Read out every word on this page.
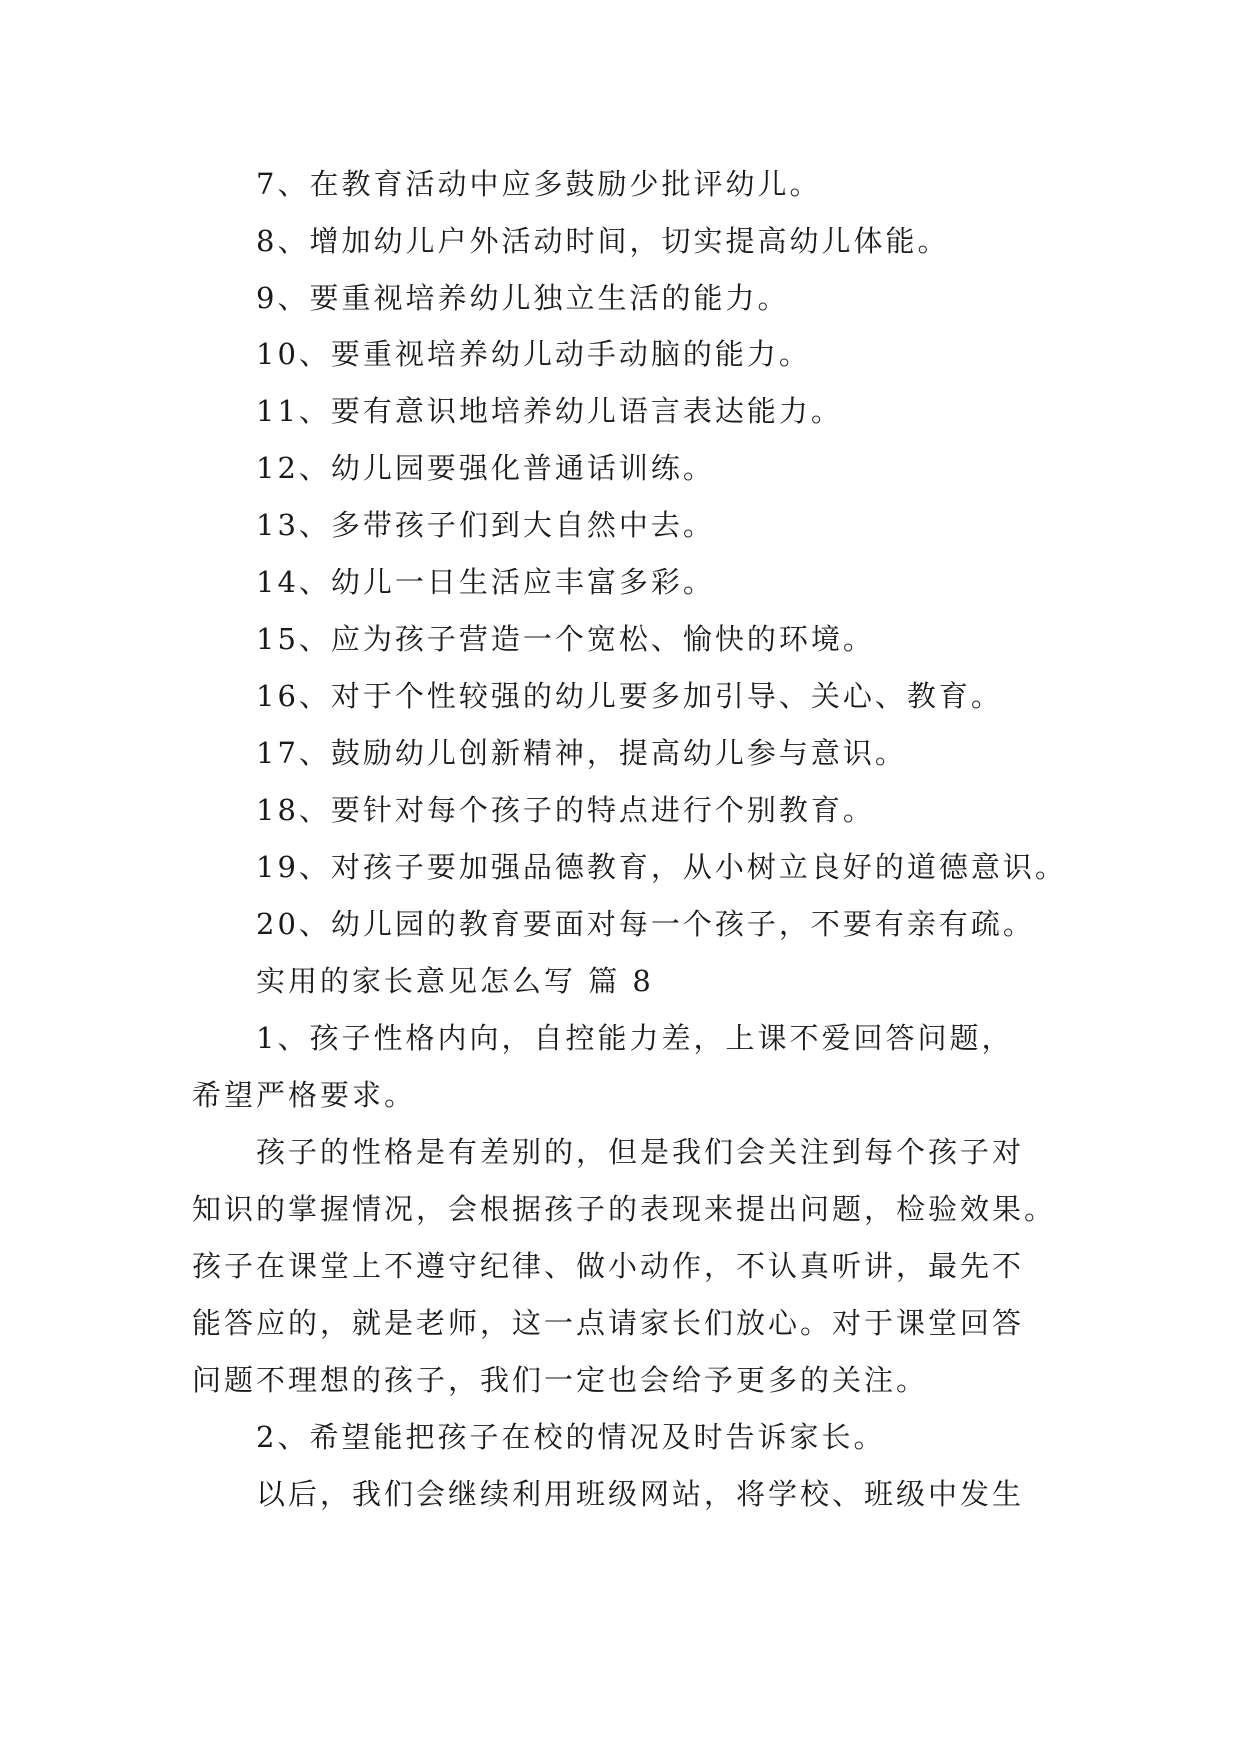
7、在教育活动中应多鼓励少批评幼儿。
8、增加幼儿户外活动时间，切实提高幼儿体能。
9、要重视培养幼儿独立生活的能力。
10、要重视培养幼儿动手动脑的能力。
11、要有意识地培养幼儿语言表达能力。
12、幼儿园要强化普通话训练。
13、多带孩子们到大自然中去。
14、幼儿一日生活应丰富多彩。
15、应为孩子营造一个宽松、愉快的环境。
16、对于个性较强的幼儿要多加引导、关心、教育。
17、鼓励幼儿创新精神，提高幼儿参与意识。
18、要针对每个孩子的特点进行个别教育。
19、对孩子要加强品德教育，从小树立良好的道德意识。
20、幼儿园的教育要面对每一个孩子，不要有亲有疏。
实用的家长意见怎么写 篇 8
1、孩子性格内向，自控能力差，上课不爱回答问题，
希望严格要求。
孩子的性格是有差别的，但是我们会关注到每个孩子对
知识的掌握情况，会根据孩子的表现来提出问题，检验效果。
孩子在课堂上不遵守纪律、做小动作，不认真听讲，最先不
能答应的，就是老师，这一点请家长们放心。对于课堂回答
问题不理想的孩子，我们一定也会给予更多的关注。
2、希望能把孩子在校的情况及时告诉家长。
以后，我们会继续利用班级网站，将学校、班级中发生
